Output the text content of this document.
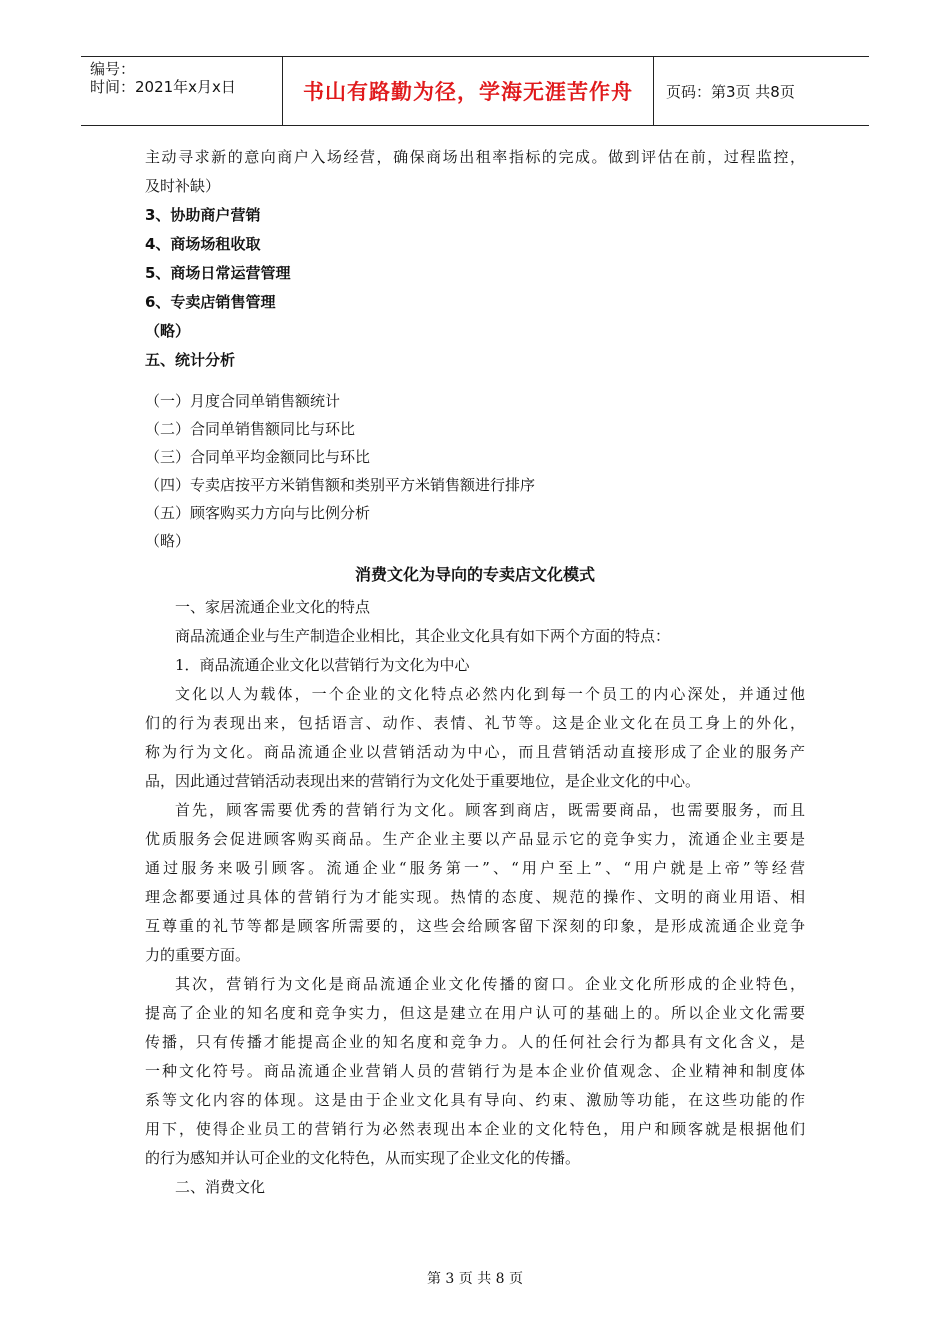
编号：
时间：2021年x月x日	书山有路勤为径，学海无涯苦作舟	页码：第3页 共8页
主动寻求新的意向商户入场经营，确保商场出租率指标的完成。做到评估在前，过程监控，
及时补缺）
3、协助商户营销
4、商场场租收取
5、商场日常运营管理
6、专卖店销售管理
（略）
五、统计分析
（一）月度合同单销售额统计
（二）合同单销售额同比与环比
（三）合同单平均金额同比与环比
（四）专卖店按平方米销售额和类别平方米销售额进行排序
（五）顾客购买力方向与比例分析
（略）
消费文化为导向的专卖店文化模式
一、家居流通企业文化的特点
商品流通企业与生产制造企业相比，其企业文化具有如下两个方面的特点：
1．商品流通企业文化以营销行为文化为中心
文化以人为载体，一个企业的文化特点必然内化到每一个员工的内心深处，并通过他
们的行为表现出来，包括语言、动作、表情、礼节等。这是企业文化在员工身上的外化，
称为行为文化。商品流通企业以营销活动为中心，而且营销活动直接形成了企业的服务产
品，因此通过营销活动表现出来的营销行为文化处于重要地位，是企业文化的中心。
首先，顾客需要优秀的营销行为文化。顾客到商店，既需要商品，也需要服务，而且
优质服务会促进顾客购买商品。生产企业主要以产品显示它的竞争实力，流通企业主要是
通过服务来吸引顾客。流通企业“服务第一”、“用户至上”、“用户就是上帝”等经营
理念都要通过具体的营销行为才能实现。热情的态度、规范的操作、文明的商业用语、相
互尊重的礼节等都是顾客所需要的，这些会给顾客留下深刻的印象，是形成流通企业竞争
力的重要方面。
其次，营销行为文化是商品流通企业文化传播的窗口。企业文化所形成的企业特色，
提高了企业的知名度和竞争实力，但这是建立在用户认可的基础上的。所以企业文化需要
传播，只有传播才能提高企业的知名度和竞争力。人的任何社会行为都具有文化含义，是
一种文化符号。商品流通企业营销人员的营销行为是本企业价值观念、企业精神和制度体
系等文化内容的体现。这是由于企业文化具有导向、约束、激励等功能，在这些功能的作
用下，使得企业员工的营销行为必然表现出本企业的文化特色，用户和顾客就是根据他们
的行为感知并认可企业的文化特色，从而实现了企业文化的传播。
二、消费文化
第 3 页 共 8 页
